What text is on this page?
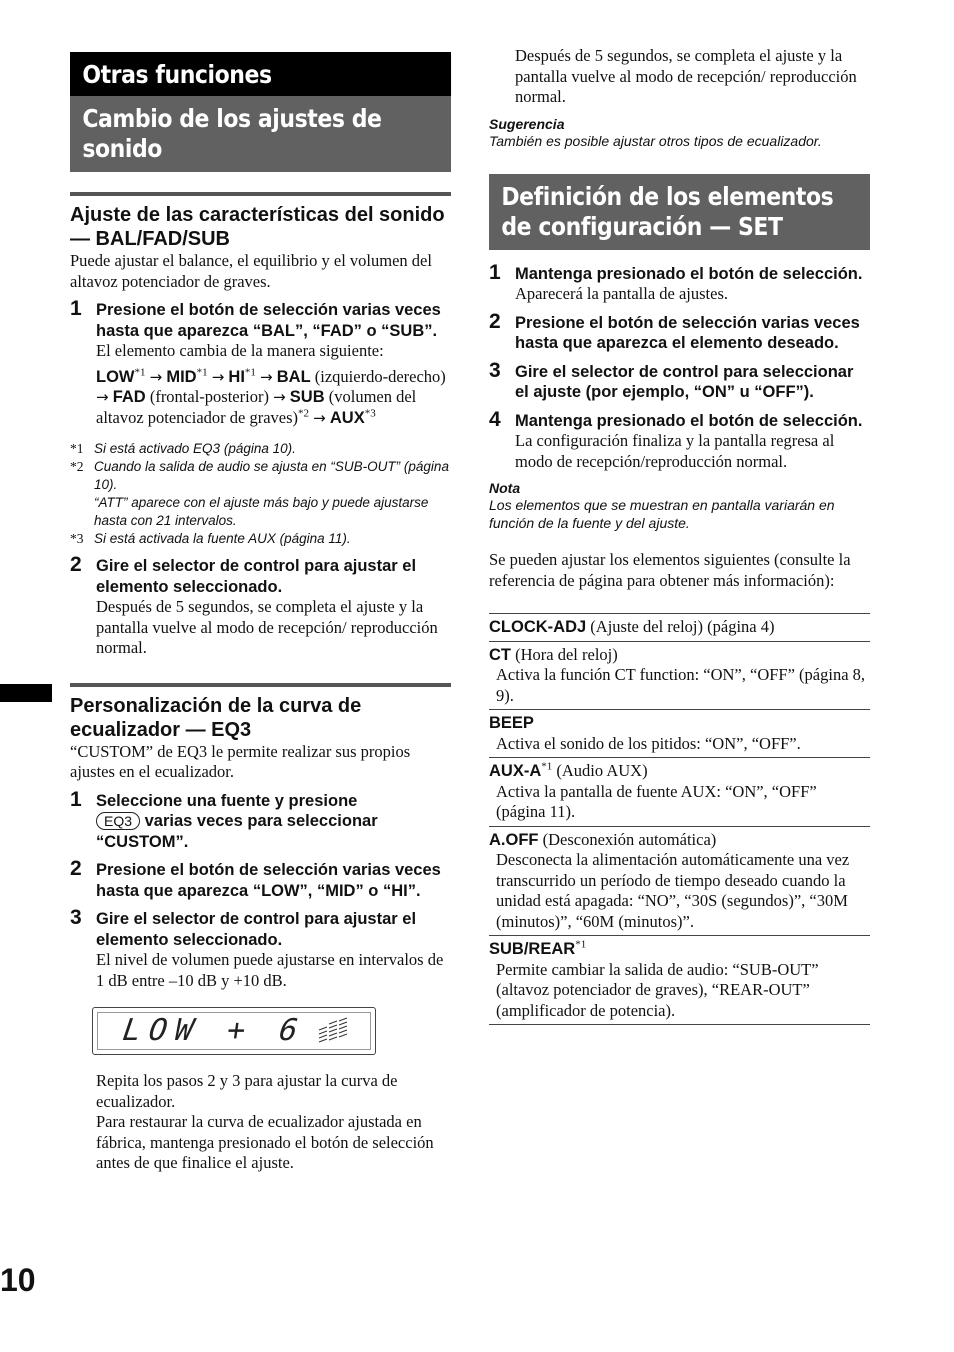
10
Otras funciones
Cambio de los ajustes de sonido
Ajuste de las características del sonido — BAL/FAD/SUB
Puede ajustar el balance, el equilibrio y el volumen del altavoz potenciador de graves.
1 Presione el botón de selección varias veces hasta que aparezca “BAL”, “FAD” o “SUB”.
El elemento cambia de la manera siguiente:
$LOW^{*1} \to MID^{*1} \to HI^{*1}$ → BAL (izquierdo-derecho) → FAD (frontal-posterior) → SUB (volumen del altavoz potenciador de graves)$^{*2}$ → $AUX^{*3}$
*1 Si está activado EQ3 (página 10).
*2 Cuando la salida de audio se ajusta en “SUB-OUT” (página 10).
“ATT” aparece con el ajuste más bajo y puede ajustarse hasta con 21 intervalos.
*3 Si está activada la fuente AUX (página 11).
2 Gire el selector de control para ajustar el elemento seleccionado.
Después de 5 segundos, se completa el ajuste y la pantalla vuelve al modo de recepción/ reproducción normal.
Personalización de la curva de ecualizador — EQ3
“CUSTOM” de EQ3 le permite realizar sus propios ajustes en el ecualizador.
1 Seleccione una fuente y presione
EQ3 varias veces para seleccionar “CUSTOM”.
2 Presione el botón de selección varias veces hasta que aparezca “LOW”, “MID” o “HI”.
3 Gire el selector de control para ajustar el elemento seleccionado.
El nivel de volumen puede ajustarse en intervalos de 1 dB entre –10 dB y +10 dB.
LOW + 6
Repita los pasos 2 y 3 para ajustar la curva de ecualizador.
Para restaurar la curva de ecualizador ajustada en fábrica, mantenga presionado el botón de selección antes de que finalice el ajuste.
Después de 5 segundos, se completa el ajuste y la pantalla vuelve al modo de recepción/ reproducción normal.
Sugerencia
También es posible ajustar otros tipos de ecualizador.
Definición de los elementos de configuración — SET
1 Mantenga presionado el botón de selección.
Aparecerá la pantalla de ajustes.
2 Presione el botón de selección varias veces hasta que aparezca el elemento deseado.
3 Gire el selector de control para seleccionar el ajuste (por ejemplo, “ON” u “OFF”).
4 Mantenga presionado el botón de selección.
La configuración finaliza y la pantalla regresa al modo de recepción/reproducción normal.
Nota
Los elementos que se muestran en pantalla variarán en función de la fuente y del ajuste.
Se pueden ajustar los elementos siguientes (consulte la referencia de página para obtener más información):
CLOCK-ADJ (Ajuste del reloj) (página 4)
CT (Hora del reloj)
Activa la función CT function: “ON”, “OFF” (página 8, 9).

BEEP
Activa el sonido de los pitidos: “ON”, “OFF”.

AUX-$A^{*1}$ (Audio AUX)
Activa la pantalla de fuente AUX: “ON”, “OFF” (página 11).

A.OFF (Desconexión automática)
Desconecta la alimentación automáticamente una vez transcurrido un período de tiempo deseado cuando la unidad está apagada: “NO”, “30S (segundos)”, “30M (minutos)”, “60M (minutos)”.

SUB/REAR$^{*1}$
Permite cambiar la salida de audio: “SUB-OUT” (altavoz potenciador de graves), “REAR-OUT” (amplificador de potencia).
